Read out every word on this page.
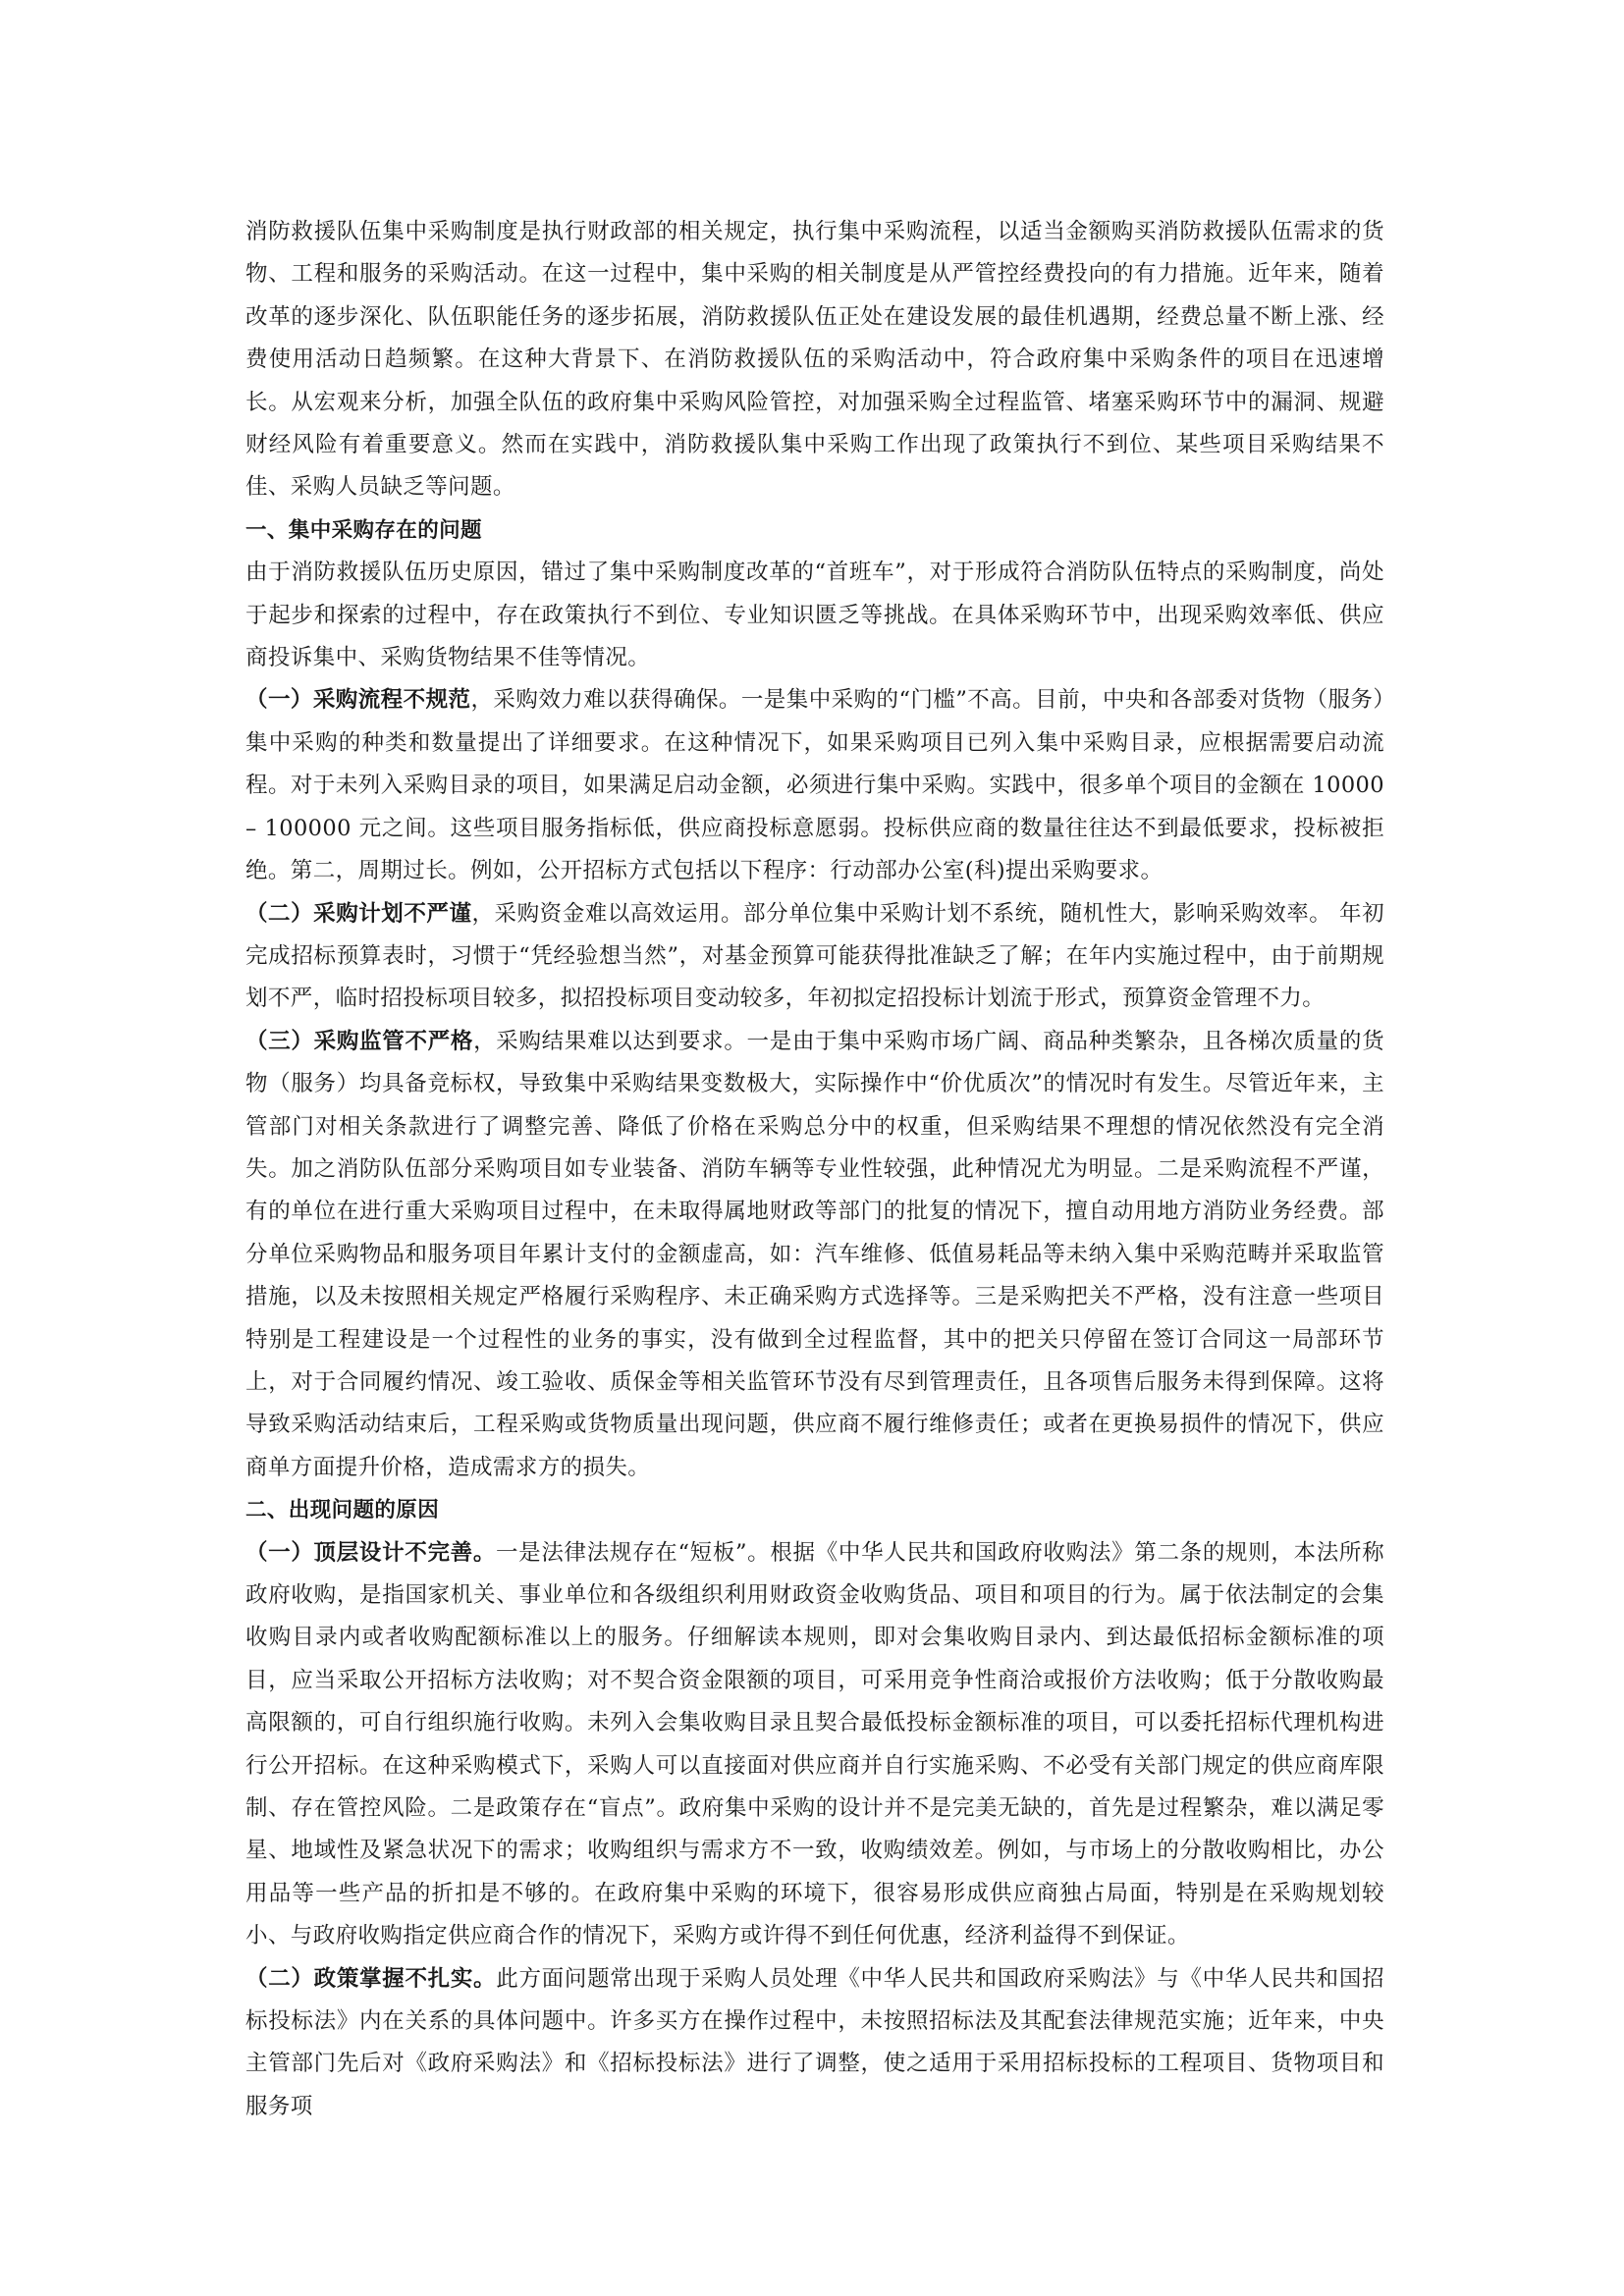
消防救援队伍集中采购制度是执行财政部的相关规定，执行集中采购流程，以适当金额购买消防救援队伍需求的货物、工程和服务的采购活动。在这一过程中，集中采购的相关制度是从严管控经费投向的有力措施。近年来，随着改革的逐步深化、队伍职能任务的逐步拓展，消防救援队伍正处在建设发展的最佳机遇期，经费总量不断上涨、经费使用活动日趋频繁。在这种大背景下、在消防救援队伍的采购活动中，符合政府集中采购条件的项目在迅速增长。从宏观来分析，加强全队伍的政府集中采购风险管控，对加强采购全过程监管、堵塞采购环节中的漏洞、规避财经风险有着重要意义。然而在实践中，消防救援队集中采购工作出现了政策执行不到位、某些项目采购结果不佳、采购人员缺乏等问题。

一、集中采购存在的问题

由于消防救援队伍历史原因，错过了集中采购制度改革的“首班车”，对于形成符合消防队伍特点的采购制度，尚处于起步和探索的过程中，存在政策执行不到位、专业知识匮乏等挑战。在具体采购环节中，出现采购效率低、供应商投诉集中、采购货物结果不佳等情况。

（一）采购流程不规范，采购效力难以获得确保。一是集中采购的“门槛”不高。目前，中央和各部委对货物（服务）集中采购的种类和数量提出了详细要求。在这种情况下，如果采购项目已列入集中采购目录，应根据需要启动流程。对于未列入采购目录的项目，如果满足启动金额，必须进行集中采购。实践中，很多单个项目的金额在 10000 – 100000 元之间。这些项目服务指标低，供应商投标意愿弱。投标供应商的数量往往达不到最低要求，投标被拒绝。第二，周期过长。例如，公开招标方式包括以下程序：行动部办公室(科)提出采购要求。

（二）采购计划不严谨，采购资金难以高效运用。部分单位集中采购计划不系统，随机性大，影响采购效率。 年初完成招标预算表时，习惯于“凭经验想当然”，对基金预算可能获得批准缺乏了解；在年内实施过程中，由于前期规划不严，临时招投标项目较多，拟招投标项目变动较多，年初拟定招投标计划流于形式，预算资金管理不力。

（三）采购监管不严格，采购结果难以达到要求。一是由于集中采购市场广阔、商品种类繁杂，且各梯次质量的货物（服务）均具备竞标权，导致集中采购结果变数极大，实际操作中“价优质次”的情况时有发生。尽管近年来，主管部门对相关条款进行了调整完善、降低了价格在采购总分中的权重，但采购结果不理想的情况依然没有完全消失。加之消防队伍部分采购项目如专业装备、消防车辆等专业性较强，此种情况尤为明显。二是采购流程不严谨，有的单位在进行重大采购项目过程中，在未取得属地财政等部门的批复的情况下，擅自动用地方消防业务经费。部分单位采购物品和服务项目年累计支付的金额虚高，如：汽车维修、低值易耗品等未纳入集中采购范畴并采取监管措施，以及未按照相关规定严格履行采购程序、未正确采购方式选择等。三是采购把关不严格，没有注意一些项目特别是工程建设是一个过程性的业务的事实，没有做到全过程监督，其中的把关只停留在签订合同这一局部环节上，对于合同履约情况、竣工验收、质保金等相关监管环节没有尽到管理责任，且各项售后服务未得到保障。这将导致采购活动结束后，工程采购或货物质量出现问题，供应商不履行维修责任；或者在更换易损件的情况下，供应商单方面提升价格，造成需求方的损失。

二、出现问题的原因

（一）顶层设计不完善。一是法律法规存在“短板”。根据《中华人民共和国政府收购法》第二条的规则，本法所称政府收购，是指国家机关、事业单位和各级组织利用财政资金收购货品、项目和项目的行为。属于依法制定的会集收购目录内或者收购配额标准以上的服务。仔细解读本规则，即对会集收购目录内、到达最低招标金额标准的项目，应当采取公开招标方法收购；对不契合资金限额的项目，可采用竞争性商洽或报价方法收购；低于分散收购最高限额的，可自行组织施行收购。未列入会集收购目录且契合最低投标金额标准的项目，可以委托招标代理机构进行公开招标。在这种采购模式下，采购人可以直接面对供应商并自行实施采购、不必受有关部门规定的供应商库限制、存在管控风险。二是政策存在“盲点”。政府集中采购的设计并不是完美无缺的，首先是过程繁杂，难以满足零星、地域性及紧急状况下的需求；收购组织与需求方不一致，收购绩效差。例如，与市场上的分散收购相比，办公用品等一些产品的折扣是不够的。在政府集中采购的环境下，很容易形成供应商独占局面，特别是在采购规划较小、与政府收购指定供应商合作的情况下，采购方或许得不到任何优惠，经济利益得不到保证。

（二）政策掌握不扎实。此方面问题常出现于采购人员处理《中华人民共和国政府采购法》与《中华人民共和国招标投标法》内在关系的具体问题中。许多买方在操作过程中，未按照招标法及其配套法律规范实施；近年来，中央主管部门先后对《政府采购法》和《招标投标法》进行了调整，使之适用于采用招标投标的工程项目、货物项目和服务项
